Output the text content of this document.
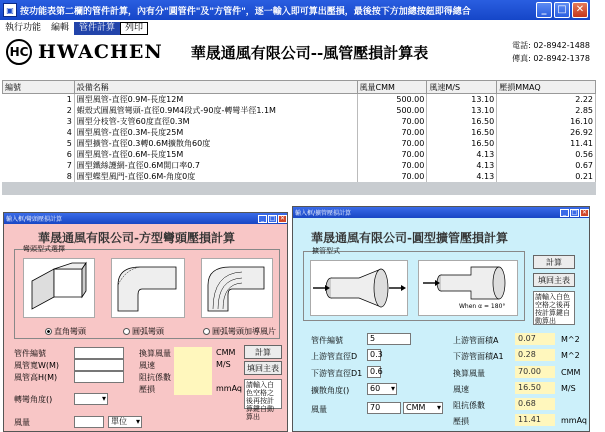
▣ 按功能表第二欄的管件計算，內有分"圓管件"及"方管件"，逐一輸入即可算出壓損，最後按下方加總按鈕即得總合	_	□ ✕
執行功能	編輯	管件計算	列印
HC HWACHEN 華晟通風有限公司--風管壓損計算表	電話: 02-8942-1488
傳真: 02-8942-1378
編號	設備名稱	風量CMM	風速M/S	壓損MMAQ
1	圓型風管-直徑0.9M-長度12M	500.00	13.10	2.22
2	蝦殼式圓風管彎頭-直徑0.9M4段式-90度-轉彎半徑1.1M	500.00	13.10	2.85
3	圓型分枝管-支管60度直徑0.3M	70.00	16.50	16.10
4	圓型風管-直徑0.3M-長度25M	70.00	16.50	26.92
5	圓型擴管-直徑0.3轉0.6M擴散角60度	70.00	16.50	11.41
6	圓型風管-直徑0.6M-長度15M	70.00	4.13	0.56
7	圓型鐵絲護網-直徑0.6M開口率0.7	70.00	4.13	0.67
8	圓型蝶型風門-直徑0.6M-角度0度	70.00	4.13	0.21
輸入框/彎頭壓損計算	_ □ ✕
華晟通風有限公司-方型彎頭壓損計算
彎頭型式選擇
直角彎頭	圓弧彎頭	圓弧彎頭加導風片
管件編號
風管寬W(M)
風管高H(M)
換算風量	CMM
風速	M/S
阻抗係數
壓損	mmAq
計算
填回主表
請輸入白色空格之後再按計算鍵自動算出
轉彎角度()
▾
風量	單位 ▾
輸入框/擴管壓損計算	_ □ ✕
華晟通風有限公司-圓型擴管壓損計算
擴管型式
When α = 180°
計算
填回主表
請輸入白色空格之後再按計算鍵自動算出
管件編號	5
上游管直徑D	0.3
下游管直徑D1 0.6
擴散角度()	60 ▾
風量	70	CMM ▾
上游管面積A	0.07	M^2
下游管面積A1	0.28	M^2
換算風量	70.00	CMM
風速	16.50	M/S
阻抗係數	0.68
壓損	11.41	mmAq
